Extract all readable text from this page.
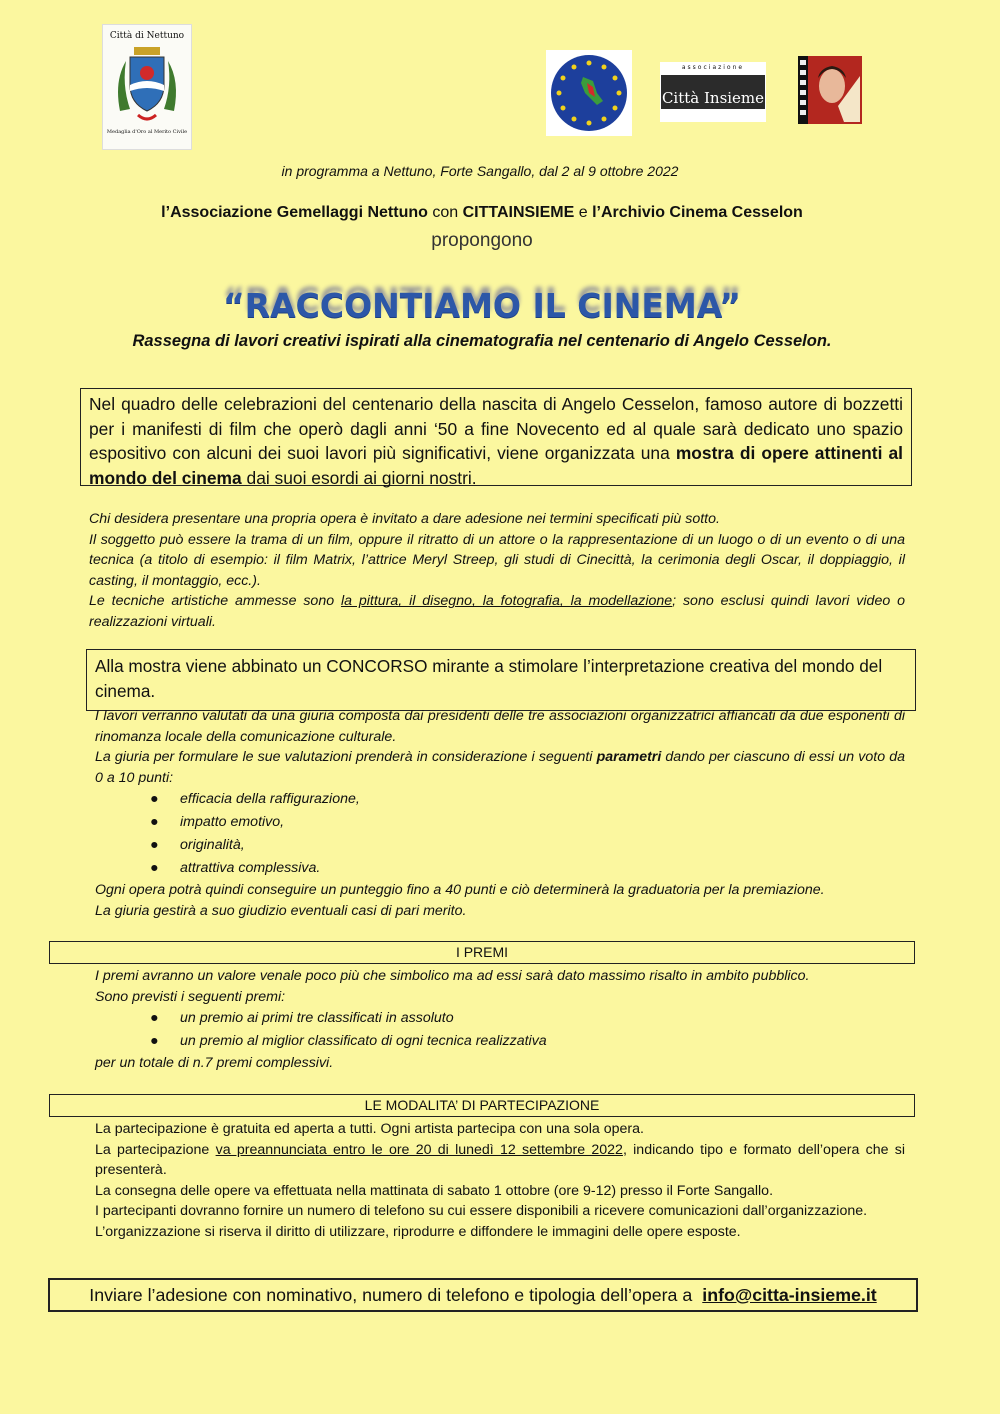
Città di Nettuno
Medaglia d'Oro al Merito Civile
associazione
Città Insieme
in programma a Nettuno, Forte Sangallo, dal 2 al 9 ottobre 2022
l’Associazione Gemellaggi Nettuno con CITTAINSIEME e l’Archivio Cinema Cesselon
propongono
“RACCONTIAMO IL CINEMA”
Rassegna di lavori creativi ispirati alla cinematografia nel centenario di Angelo Cesselon.
Nel quadro delle celebrazioni del centenario della nascita di Angelo Cesselon, famoso autore di bozzetti per i manifesti di film che operò dagli anni ‘50 a fine Novecento ed al quale sarà dedicato uno spazio espositivo con alcuni dei suoi lavori più significativi, viene organizzata una mostra di opere attinenti al mondo del cinema dai suoi esordi ai giorni nostri.
Chi desidera presentare una propria opera è invitato a dare adesione nei termini specificati più sotto.
Il soggetto può essere la trama di un film, oppure il ritratto di un attore o la rappresentazione di un luogo o di un evento o di una tecnica (a titolo di esempio: il film Matrix, l’attrice Meryl Streep, gli studi di Cinecittà, la cerimonia degli Oscar, il doppiaggio, il casting, il montaggio, ecc.).
Le tecniche artistiche ammesse sono la pittura, il disegno, la fotografia, la modellazione; sono esclusi quindi lavori video o realizzazioni virtuali.
Alla mostra viene abbinato un CONCORSO mirante a stimolare l’interpretazione creativa del mondo del cinema.
I lavori verranno valutati da una giuria composta dai presidenti delle tre associazioni organizzatrici affiancati da due esponenti di rinomanza locale della comunicazione culturale.
La giuria per formulare le sue valutazioni prenderà in considerazione i seguenti parametri dando per ciascuno di essi un voto da 0 a 10 punti:
● efficacia della raffigurazione,
● impatto emotivo,
● originalità,
● attrattiva complessiva.
Ogni opera potrà quindi conseguire un punteggio fino a 40 punti e ciò determinerà la graduatoria per la premiazione.
La giuria gestirà a suo giudizio eventuali casi di pari merito.
I PREMI
I premi avranno un valore venale poco più che simbolico ma ad essi sarà dato massimo risalto in ambito pubblico.
Sono previsti i seguenti premi:
● un premio ai primi tre classificati in assoluto
● un premio al miglior classificato di ogni tecnica realizzativa
per un totale di n.7 premi complessivi.
LE MODALITA’ DI PARTECIPAZIONE
La partecipazione è gratuita ed aperta a tutti. Ogni artista partecipa con una sola opera.
La partecipazione va preannunciata entro le ore 20 di lunedì 12 settembre 2022, indicando tipo e formato dell’opera che si presenterà.
La consegna delle opere va effettuata nella mattinata di sabato 1 ottobre (ore 9-12) presso il Forte Sangallo.
I partecipanti dovranno fornire un numero di telefono su cui essere disponibili a ricevere comunicazioni dall’organizzazione.
L’organizzazione si riserva il diritto di utilizzare, riprodurre e diffondere le immagini delle opere esposte.
Inviare l’adesione con nominativo, numero di telefono e tipologia dell’opera a info@citta-insieme.it
